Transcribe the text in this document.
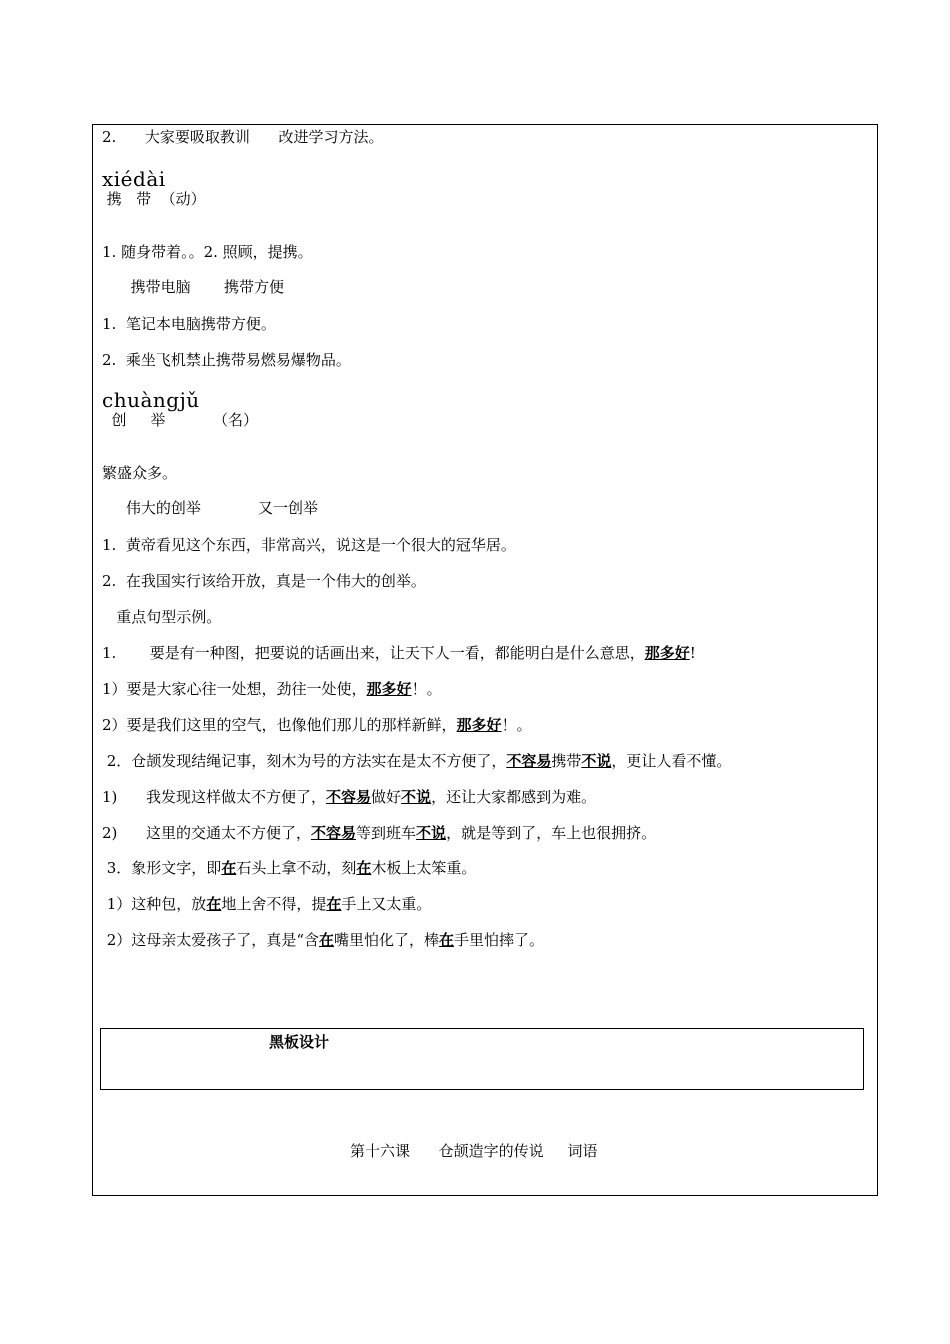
2.      大家要吸取教训      改进学习方法。
xiédài
携   带  （动）
1. 随身带着。。2. 照顾，提携。
携带电脑       携带方便
1.  笔记本电脑携带方便。
2.  乘坐飞机禁止携带易燃易爆物品。
chuàngjǔ
创     举          （名）
繁盛众多。
伟大的创举            又一创举
1.  黄帝看见这个东西，非常高兴，说这是一个很大的冠华居。
2.  在我国实行该给开放，真是一个伟大的创举。
重点句型示例。
1.       要是有一种图，把要说的话画出来，让天下人一看，都能明白是什么意思，那多好!
1）要是大家心往一处想，劲往一处使，那多好！。
2）要是我们这里的空气，也像他们那儿的那样新鲜，那多好！。
2．仓颉发现结绳记事，刻木为号的方法实在是太不方便了，不容易携带不说，更让人看不懂。
1)      我发现这样做太不方便了，不容易做好不说，还让大家都感到为难。
2)      这里的交通太不方便了，不容易等到班车不说，就是等到了，车上也很拥挤。
3．象形文字，即在石头上拿不动，刻在木板上太笨重。
1）这种包，放在地上舍不得，提在手上又太重。
2）这母亲太爱孩子了，真是“含在嘴里怕化了，棒在手里怕摔了。
黑板设计
第十六课      仓颉造字的传说     词语
